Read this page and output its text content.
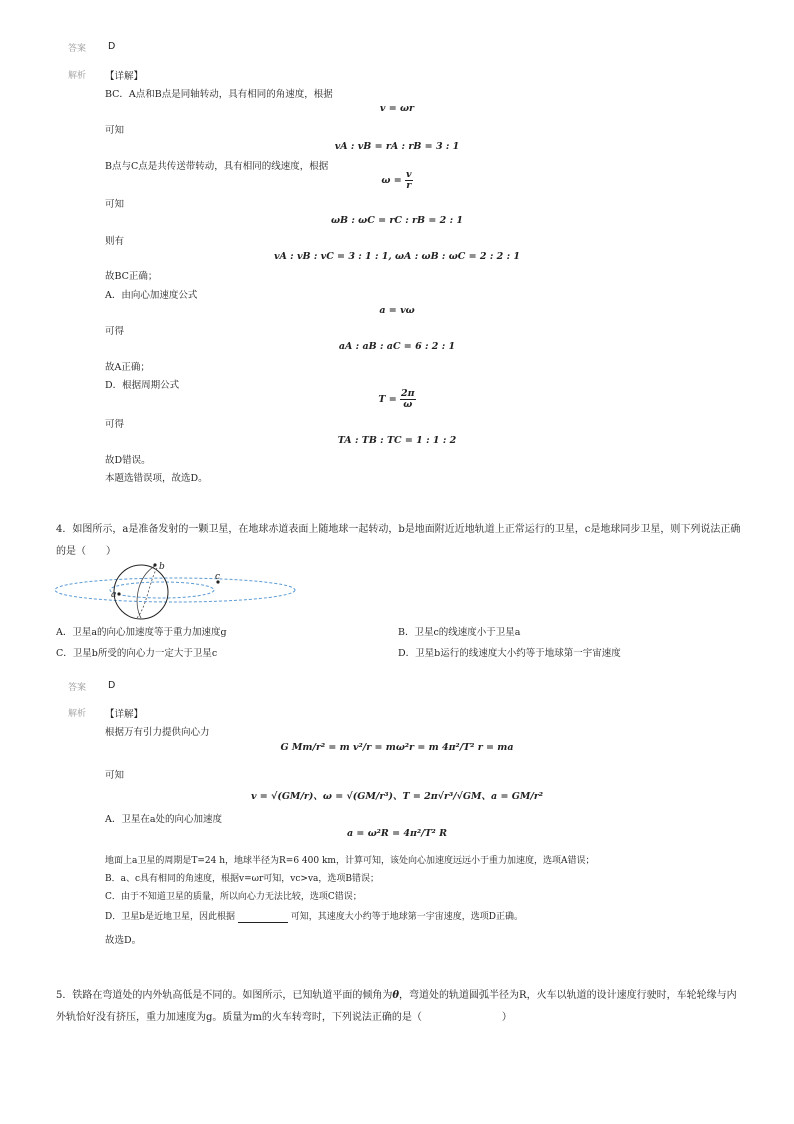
答案 D
解析 【详解】
BC．A点和B点是同轴转动，具有相同的角速度，根据
v = ωr
可知
vA : vB = rA : rB = 3 : 1
B点与C点是共传送带转动，具有相同的线速度，根据
$\omega = \frac{v}{r}$
可知
ωB : ωC = rC : rB = 2 : 1
则有
vA : vB : vC = 3 : 1 : 1, ωA : ωB : ωC = 2 : 2 : 1
故BC正确；
A．由向心加速度公式
a = vω
可得
aA : aB : aC = 6 : 2 : 1
故A正确；
D．根据周期公式
$T = \frac{2\pi}{\omega}$
可得
TA : TB : TC = 1 : 1 : 2
故D错误。
本题选错误项，故选D。
4．如图所示，a是准备发射的一颗卫星，在地球赤道表面上随地球一起转动，b是地面附近近地轨道上正常运行的卫星，c是地球同步卫星，则下列说法正确的是（　　）
b
a
c
A．卫星a的向心加速度等于重力加速度g	B．卫星c的线速度小于卫星a
C．卫星b所受的向心力一定大于卫星c	D．卫星b运行的线速度大小约等于地球第一宇宙速度
答案 D
解析 【详解】
根据万有引力提供向心力
G Mm/r² = m v²/r = mω²r = m 4π²/T² r = ma
可知
v = √(GM/r)、ω = √(GM/r³)、T = 2π√r³/√GM、a = GM/r²
A．卫星在a处的向心加速度
a = ω²R = 4π²/T² R
地面上a卫星的周期是T=24 h，地球半径为R=6 400 km，计算可知，该处向心加速度远远小于重力加速度，选项A错误；
B．a、c具有相同的角速度，根据v=ωr可知，vc>va，选项B错误；
C．由于不知道卫星的质量，所以向心力无法比较，选项C错误；
D．卫星b是近地卫星，因此根据	可知，其速度大小约等于地球第一宇宙速度，选项D正确。
故选D。
5．铁路在弯道处的内外轨高低是不同的。如图所示，已知轨道平面的倾角为θ，弯道处的轨道圆弧半径为R，火车以轨道的设计速度行驶时，车轮轮缘与内外轨恰好没有挤压，重力加速度为g。质量为m的火车转弯时，下列说法正确的是（　　　　　　　　）
